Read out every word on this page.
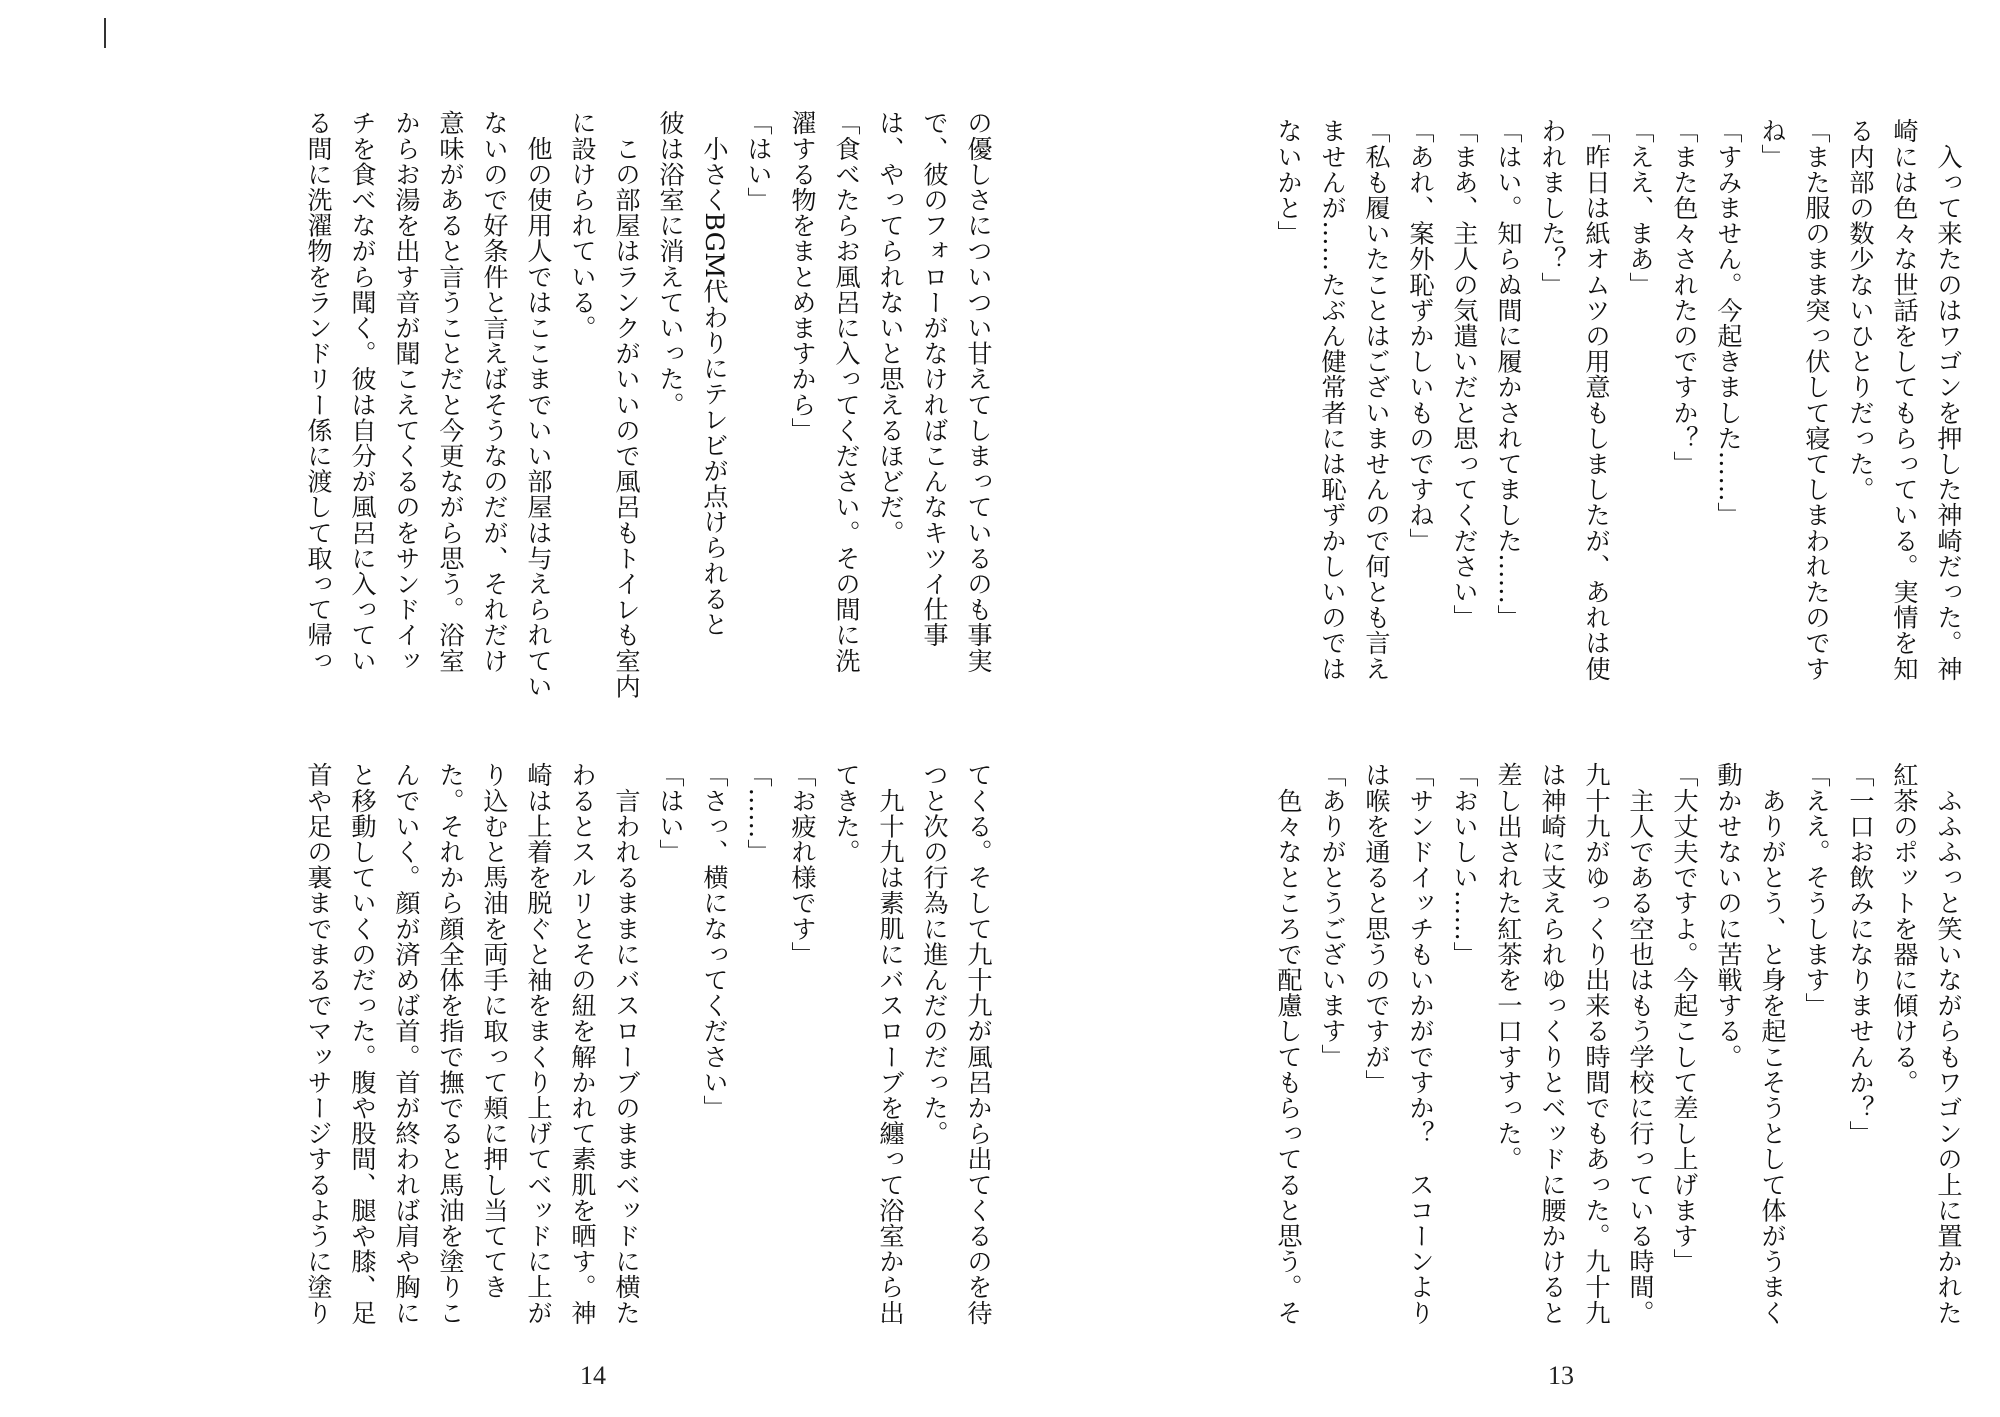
の優しさについつい甘えてしまっているのも事実
で、彼のフォローがなければこんなキツイ仕事
は、やってられないと思えるほどだ。
「食べたらお風呂に入ってください。その間に洗
濯する物をまとめますから」
「はい」
　小さくBGM代わりにテレビが点けられると
彼は浴室に消えていった。
　この部屋はランクがいいので風呂もトイレも室内
に設けられている。
　他の使用人ではここまでいい部屋は与えられてい
ないので好条件と言えばそうなのだが、それだけ
意味があると言うことだと今更ながら思う。浴室
からお湯を出す音が聞こえてくるのをサンドイッ
チを食べながら聞く。彼は自分が風呂に入ってい
る間に洗濯物をランドリー係に渡して取って帰っ
てくる。そして九十九が風呂から出てくるのを待
つと次の行為に進んだのだった。
　九十九は素肌にバスローブを纏って浴室から出
てきた。
「お疲れ様です」
「……」
「さっ、横になってください」
「はい」
　言われるままにバスローブのままベッドに横た
わるとスルリとその紐を解かれて素肌を晒す。神
崎は上着を脱ぐと袖をまくり上げてベッドに上が
り込むと馬油を両手に取って頬に押し当ててき
た。それから顔全体を指で撫でると馬油を塗りこ
んでいく。顔が済めば首。首が終われば肩や胸に
と移動していくのだった。腹や股間、腿や膝、足
首や足の裏までまるでマッサージするように塗り
14
　入って来たのはワゴンを押した神崎だった。神
崎には色々な世話をしてもらっている。実情を知
る内部の数少ないひとりだった。
「また服のまま突っ伏して寝てしまわれたのです
ね」
「すみません。今起きました……」
「また色々されたのですか？」
「ええ、まあ」
「昨日は紙オムツの用意もしましたが、あれは使
われました？」
「はい。知らぬ間に履かされてました……」
「まあ、主人の気遣いだと思ってください」
「あれ、案外恥ずかしいものですね」
「私も履いたことはございませんので何とも言え
ませんが……たぶん健常者には恥ずかしいのでは
ないかと」
　ふふふっと笑いながらもワゴンの上に置かれた
紅茶のポットを器に傾ける。
「一口お飲みになりませんか？」
「ええ。そうします」
　ありがとう、と身を起こそうとして体がうまく
動かせないのに苦戦する。
「大丈夫ですよ。今起こして差し上げます」
　主人である空也はもう学校に行っている時間。
九十九がゆっくり出来る時間でもあった。九十九
は神崎に支えられゆっくりとベッドに腰かけると
差し出された紅茶を一口すすった。
「おいしい……」
「サンドイッチもいかがですか？　スコーンより
は喉を通ると思うのですが」
「ありがとうございます」
　色々なところで配慮してもらってると思う。そ
13
